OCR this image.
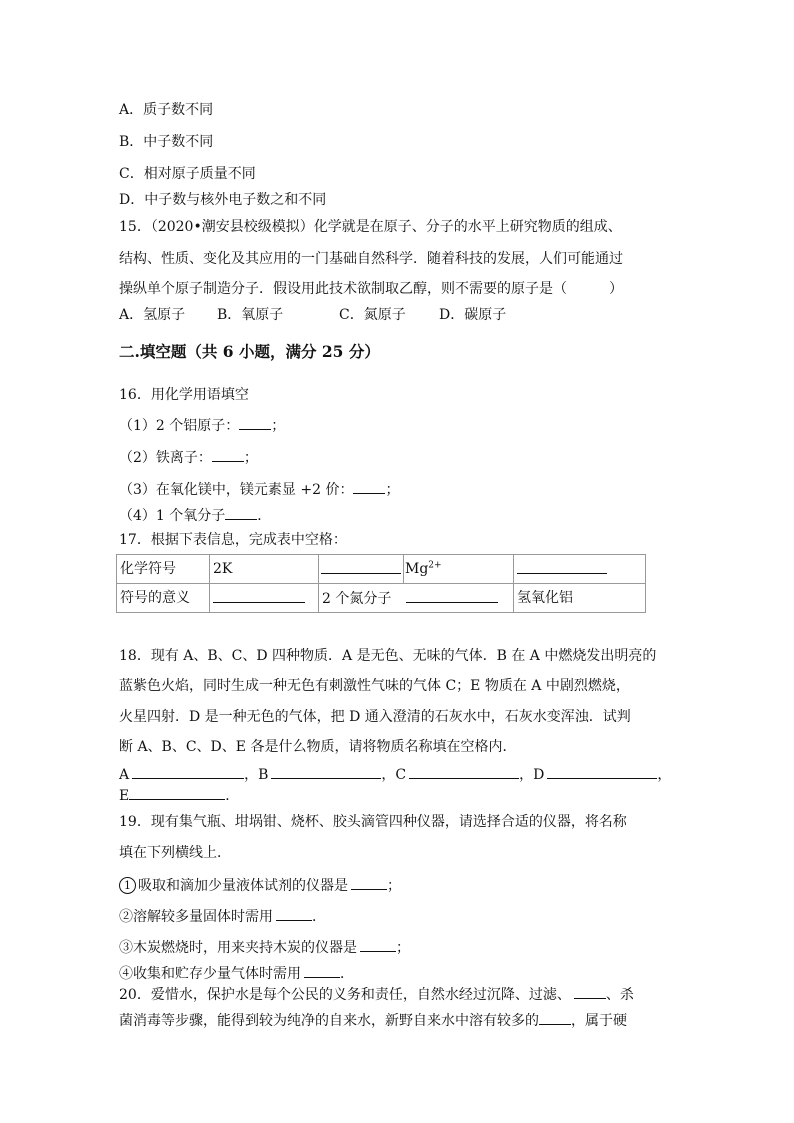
A．质子数不同
B．中子数不同
C．相对原子质量不同
D．中子数与核外电子数之和不同
15．（2020•潮安县校级模拟）化学就是在原子、分子的水平上研究物质的组成、
结构、性质、变化及其应用的一门基础自然科学．随着科技的发展，人们可能通过
操纵单个原子制造分子．假设用此技术欲制取乙醇，则不需要的原子是（　　　）
A．氢原子 B．氧原子	C．氮原子 D．碳原子
二.填空题（共 6 小题，满分 25 分）
16．用化学用语填空
（1）2 个铝原子： ；
（2）铁离子： ；
（3）在氧化镁中，镁元素显 +2 价： ；
（4）1 个氧分子 ．
17．根据下表信息，完成表中空格：
化学符号	2K		$Mg^{2+}$	
符号的意义		2 个氮分子		氢氧化铝
18．现有 A、B、C、D 四种物质．A 是无色、无味的气体．B 在 A 中燃烧发出明亮的
蓝紫色火焰，同时生成一种无色有刺激性气味的气体 C；E 物质在 A 中剧烈燃烧，
火星四射．D 是一种无色的气体，把 D 通入澄清的石灰水中，石灰水变浑浊．试判
断 A、B、C、D、E 各是什么物质，请将物质名称填在空格内．
A	，B	，C	，D	，
E	．
19．现有集气瓶、坩埚钳、烧杯、胶头滴管四种仪器，请选择合适的仪器，将名称
填在下列横线上．
1 吸取和滴加少量液体试剂的仪器是	；
②溶解较多量固体时需用	．
③木炭燃烧时，用来夹持木炭的仪器是	；
④收集和贮存少量气体时需用	．
20．爱惜水，保护水是每个公民的义务和责任，自然水经过沉降、过滤、	、杀
菌消毒等步骤，能得到较为纯净的自来水，新野自来水中溶有较多的 ，属于硬
